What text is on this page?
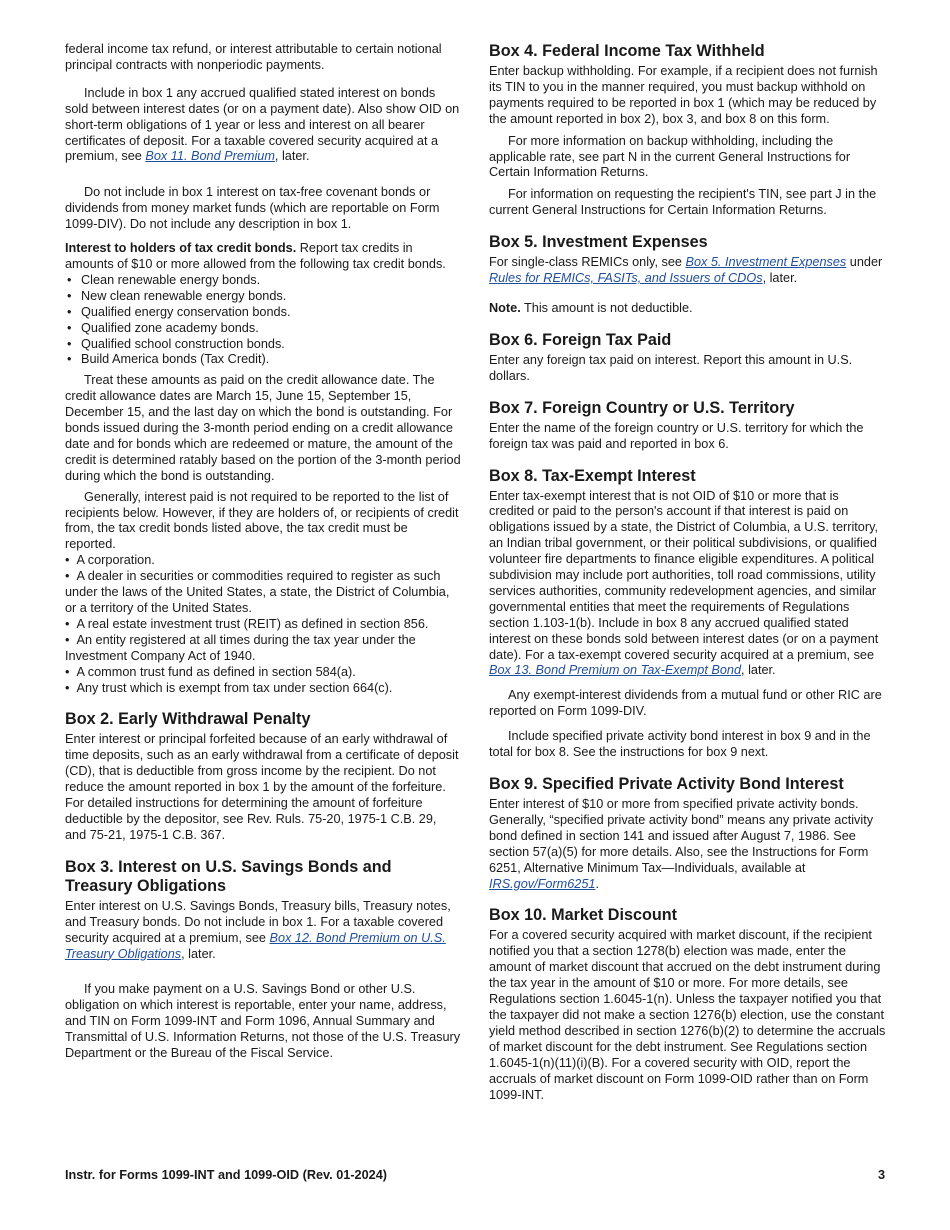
federal income tax refund, or interest attributable to certain notional principal contracts with nonperiodic payments.

Include in box 1 any accrued qualified stated interest on bonds sold between interest dates (or on a payment date). Also show OID on short-term obligations of 1 year or less and interest on all bearer certificates of deposit. For a taxable covered security acquired at a premium, see Box 11. Bond Premium, later.

Do not include in box 1 interest on tax-free covenant bonds or dividends from money market funds (which are reportable on Form 1099-DIV). Do not include any description in box 1.

Interest to holders of tax credit bonds. Report tax credits in amounts of $10 or more allowed from the following tax credit bonds.

• Clean renewable energy bonds.
• New clean renewable energy bonds.
• Qualified energy conservation bonds.
• Qualified zone academy bonds.
• Qualified school construction bonds.
• Build America bonds (Tax Credit).

Treat these amounts as paid on the credit allowance date. The credit allowance dates are March 15, June 15, September 15, December 15, and the last day on which the bond is outstanding. For bonds issued during the 3-month period ending on a credit allowance date and for bonds which are redeemed or mature, the amount of the credit is determined ratably based on the portion of the 3-month period during which the bond is outstanding.

Generally, interest paid is not required to be reported to the list of recipients below. However, if they are holders of, or recipients of credit from, the tax credit bonds listed above, the tax credit must be reported.

•  A corporation.
•  A dealer in securities or commodities required to register as such under the laws of the United States, a state, the District of Columbia, or a territory of the United States.
•  A real estate investment trust (REIT) as defined in section 856.
•  An entity registered at all times during the tax year under the Investment Company Act of 1940.
•  A common trust fund as defined in section 584(a).
•  Any trust which is exempt from tax under section 664(c).
Box 2. Early Withdrawal Penalty

Enter interest or principal forfeited because of an early withdrawal of time deposits, such as an early withdrawal from a certificate of deposit (CD), that is deductible from gross income by the recipient. Do not reduce the amount reported in box 1 by the amount of the forfeiture. For detailed instructions for determining the amount of forfeiture deductible by the depositor, see Rev. Ruls. 75-20, 1975-1 C.B. 29, and 75-21, 1975-1 C.B. 367.

Box 3. Interest on U.S. Savings Bonds and Treasury Obligations

Enter interest on U.S. Savings Bonds, Treasury bills, Treasury notes, and Treasury bonds. Do not include in box 1. For a taxable covered security acquired at a premium, see Box 12. Bond Premium on U.S. Treasury Obligations, later.

If you make payment on a U.S. Savings Bond or other U.S. obligation on which interest is reportable, enter your name, address, and TIN on Form 1099-INT and Form 1096, Annual Summary and Transmittal of U.S. Information Returns, not those of the U.S. Treasury Department or the Bureau of the Fiscal Service.

Box 4. Federal Income Tax Withheld

Enter backup withholding. For example, if a recipient does not furnish its TIN to you in the manner required, you must backup withhold on payments required to be reported in box 1 (which may be reduced by the amount reported in box 2), box 3, and box 8 on this form.

For more information on backup withholding, including the applicable rate, see part N in the current General Instructions for Certain Information Returns.

For information on requesting the recipient's TIN, see part J in the current General Instructions for Certain Information Returns.

Box 5. Investment Expenses

For single-class REMICs only, see Box 5. Investment Expenses under Rules for REMICs, FASITs, and Issuers of CDOs, later.

Note. This amount is not deductible.

Box 6. Foreign Tax Paid

Enter any foreign tax paid on interest. Report this amount in U.S. dollars.

Box 7. Foreign Country or U.S. Territory

Enter the name of the foreign country or U.S. territory for which the foreign tax was paid and reported in box 6.

Box 8. Tax-Exempt Interest

Enter tax-exempt interest that is not OID of $10 or more that is credited or paid to the person's account if that interest is paid on obligations issued by a state, the District of Columbia, a U.S. territory, an Indian tribal government, or their political subdivisions, or qualified volunteer fire departments to finance eligible expenditures. A political subdivision may include port authorities, toll road commissions, utility services authorities, community redevelopment agencies, and similar governmental entities that meet the requirements of Regulations section 1.103-1(b). Include in box 8 any accrued qualified stated interest on these bonds sold between interest dates (or on a payment date). For a tax-exempt covered security acquired at a premium, see Box 13. Bond Premium on Tax-Exempt Bond, later.

Any exempt-interest dividends from a mutual fund or other RIC are reported on Form 1099-DIV.

Include specified private activity bond interest in box 9 and in the total for box 8. See the instructions for box 9 next.

Box 9. Specified Private Activity Bond Interest

Enter interest of $10 or more from specified private activity bonds. Generally, “specified private activity bond” means any private activity bond defined in section 141 and issued after August 7, 1986. See section 57(a)(5) for more details. Also, see the Instructions for Form 6251, Alternative Minimum Tax—Individuals, available at IRS.gov/Form6251.

Box 10. Market Discount

For a covered security acquired with market discount, if the recipient notified you that a section 1278(b) election was made, enter the amount of market discount that accrued on the debt instrument during the tax year in the amount of $10 or more. For more details, see Regulations section 1.6045-1(n). Unless the taxpayer notified you that the taxpayer did not make a section 1276(b) election, use the constant yield method described in section 1276(b)(2) to determine the accruals of market discount for the debt instrument. See Regulations section 1.6045-1(n)(11)(i)(B). For a covered security with OID, report the accruals of market discount on Form 1099-OID rather than on Form 1099-INT.

Instr. for Forms 1099-INT and 1099-OID (Rev. 01-2024)	3
